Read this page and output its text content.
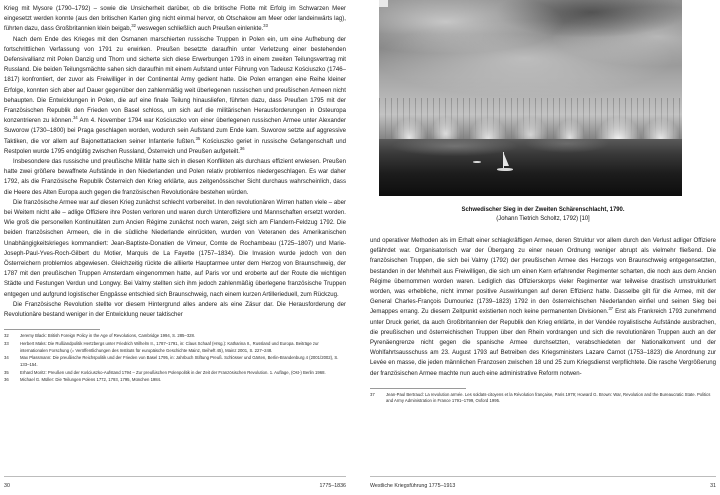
Krieg mit Mysore (1790–1792) – sowie die Unsicherheit darüber, ob die britische Flotte mit Erfolg im Schwarzen Meer eingesetzt werden konnte (aus den britischen Karten ging nicht einmal hervor, ob Otschakow am Meer oder landeinwärts lag), führten dazu, dass Großbritannien klein beigab,$^{32}$ weswegen schließlich auch Preußen einlenkte.$^{33}$

Nach dem Ende des Krieges mit den Osmanen marschierten russische Truppen in Polen ein, um eine Aufhebung der fortschrittlichen Verfassung von 1791 zu erwirken. Preußen besetzte daraufhin unter Verletzung einer bestehenden Defensivallianz mit Polen Danzig und Thorn und sicherte sich diese Erwerbungen 1793 in einem zweiten Teilungsvertrag mit Russland. Die beiden Teilungsmächte sahen sich daraufhin mit einem Aufstand unter Führung von Tadeusz Kościuszko (1746–1817) konfrontiert, der zuvor als Freiwilliger in der Continental Army gedient hatte. Die Polen errangen eine Reihe kleiner Erfolge, konnten sich aber auf Dauer gegenüber den zahlenmäßig weit überlegenen russischen und preußischen Armeen nicht behaupten. Die Entwicklungen in Polen, die auf eine finale Teilung hinausliefen, führten dazu, dass Preußen 1795 mit der Französischen Republik den Frieden von Basel schloss, um sich auf die militärischen Herausforderungen in Osteuropa konzentrieren zu können.$^{34}$ Am 4. November 1794 war Kościuszko von einer überlegenen russischen Armee unter Alexander Suworow (1730–1800) bei Praga geschlagen worden, wodurch sein Aufstand zum Ende kam. Suworow setzte auf aggressive Taktiken, die vor allem auf Bajonettattacken seiner Infanterie fußten.$^{35}$ Kościuszko geriet in russische Gefangenschaft und Restpolen wurde 1795 endgültig zwischen Russland, Österreich und Preußen aufgeteilt.$^{36}$

Insbesondere das russische und preußische Militär hatte sich in diesen Konflikten als durchaus effizient erwiesen. Preußen hatte zwei größere bewaffnete Aufstände in den Niederlanden und Polen relativ problemlos niedergeschlagen. Es war daher 1792, als die Französische Republik Österreich den Krieg erklärte, aus zeitgenössischer Sicht durchaus wahrscheinlich, dass die Heere des Alten Europa auch gegen die französischen Revolutionäre bestehen würden.

Die französische Armee war auf diesen Krieg zunächst schlecht vorbereitet. In den revolutionären Wirren hatten viele – aber bei Weitem nicht alle – adlige Offiziere ihre Posten verloren und waren durch Unteroffiziere und Mannschaften ersetzt worden. Wie groß die personellen Kontinuitäten zum Ancien Régime zunächst noch waren, zeigt sich am Flandern-Feldzug 1792. Die beiden französischen Armeen, die in die südliche Niederlande einrückten, wurden von Veteranen des Amerikanischen Unabhängigkeitskrieges kommandiert: Jean-Baptiste-Donatien de Vimeur, Comte de Rochambeau (1725–1807) und Marie-Joseph-Paul-Yves-Roch-Gilbert du Motier, Marquis de La Fayette (1757–1834). Die Invasion wurde jedoch von den Österreichern problemlos abgewiesen. Gleichzeitig rückte die alliierte Hauptarmee unter dem Herzog von Braunschweig, der 1787 mit den preußischen Truppen Amsterdam eingenommen hatte, auf Paris vor und eroberte auf der Route die wichtigen Städte und Festungen Verdun und Longwy. Bei Valmy stellten sich ihm jedoch zahlenmäßig überlegene französische Truppen entgegen und aufgrund logistischer Engpässe entschied sich Braunschweig, nach einem kurzen Artillerieduell, zum Rückzug.

Die Französische Revolution stellte vor diesem Hintergrund alles andere als eine Zäsur dar. Die Herausforderung der Revolutionäre bestand weniger in der Entwicklung neuer taktischer

32	Jeremy Black: British Foreign Policy in the Age of Revolutions, Cambridge 1994, S. 285–328.
33	Herbert Maks: Die Rußlandpolitik Hertzbergs unter Friedrich Wilhelm II., 1787–1791, in: Claus Schaaf (Hrsg.): Katharina II., Russland und Europa. Beiträge zur internationalen Forschung (= Veröffentlichungen des Instituts für europäische Geschichte Mainz, Beiheft 45), Mainz 2001, S. 227–248.
34	Max Plassmann: Die preußische Reichspolitik und der Frieden von Basel 1795, in: Jahrbuch Stiftung Preuß. Schlösser und Gärten, Berlin-Brandenburg 4 (2001/2002), S. 133–154.
35	Erhard Moritz: Preußen und der Kościuszko-Aufstand 1794 – Zur preußischen Polenpolitik in der Zeit der Französischen Revolution. 1. Auflage, (Ost-) Berlin 1968.
36	Michael G. Müller: Die Teilungen Polens 1772, 1793, 1795, München 1984.
30	1775–1836
Schwedischer Sieg in der Zweiten Schärenschlacht, 1790.
(Johann Tietrich Scholtz, 1792) [10]

und operativer Methoden als im Erhalt einer schlagkräftigen Armee, deren Struktur vor allem durch den Verlust adliger Offiziere gefährdet war. Organisatorisch war der Übergang zu einer neuen Ordnung weniger abrupt als vielmehr fließend. Die französischen Truppen, die sich bei Valmy (1792) der preußischen Armee des Herzogs von Braunschweig entgegensetzten, bestanden in der Mehrheit aus Freiwilligen, die sich um einen Kern erfahrender Regimenter scharten, die noch aus dem Ancien Régime übernommen worden waren. Lediglich das Offizierskorps vieler Regimenter war teilweise drastisch umstrukturiert worden, was erhebliche, nicht immer positive Auswirkungen auf deren Effizienz hatte. Dasselbe gilt für die Armee, mit der General Charles-François Dumouriez (1739–1823) 1792 in den österreichischen Niederlanden einfiel und seinen Sieg bei Jemappes errang. Zu diesem Zeitpunkt existierten noch keine permanenten Divisionen.$^{37}$ Erst als Frankreich 1793 zunehmend unter Druck geriet, da auch Großbritannien der Republik den Krieg erklärte, in der Vendée royalistische Aufstände ausbrachen, die preußischen und österreichischen Truppen über den Rhein vordrangen und sich die revolutionären Truppen auch an der Pyrenäengrenze nicht gegen die spanische Armee durchsetzten, verabschiedeten der Nationalkonvent und der Wohlfahrtsausschuss am 23. August 1793 auf Betreiben des Kriegsministers Lazare Carnot (1753–1823) die Anordnung zur Levée en masse, die jeden männlichen Franzosen zwischen 18 und 25 zum Kriegsdienst verpflichtete. Die rasche Vergrößerung der französischen Armee machte nun auch eine administrative Reform notwen-

37	Jean-Paul Bertraud: La revolution armée. Les soldats-citoyens et la Révolution française, Paris 1979; Howard G. Brown: War, Revolution and the Bureaucratic State. Politics and Army Administration in France 1791–1799, Oxford 1995.
Westliche Kriegsführung 1775–1913	31
